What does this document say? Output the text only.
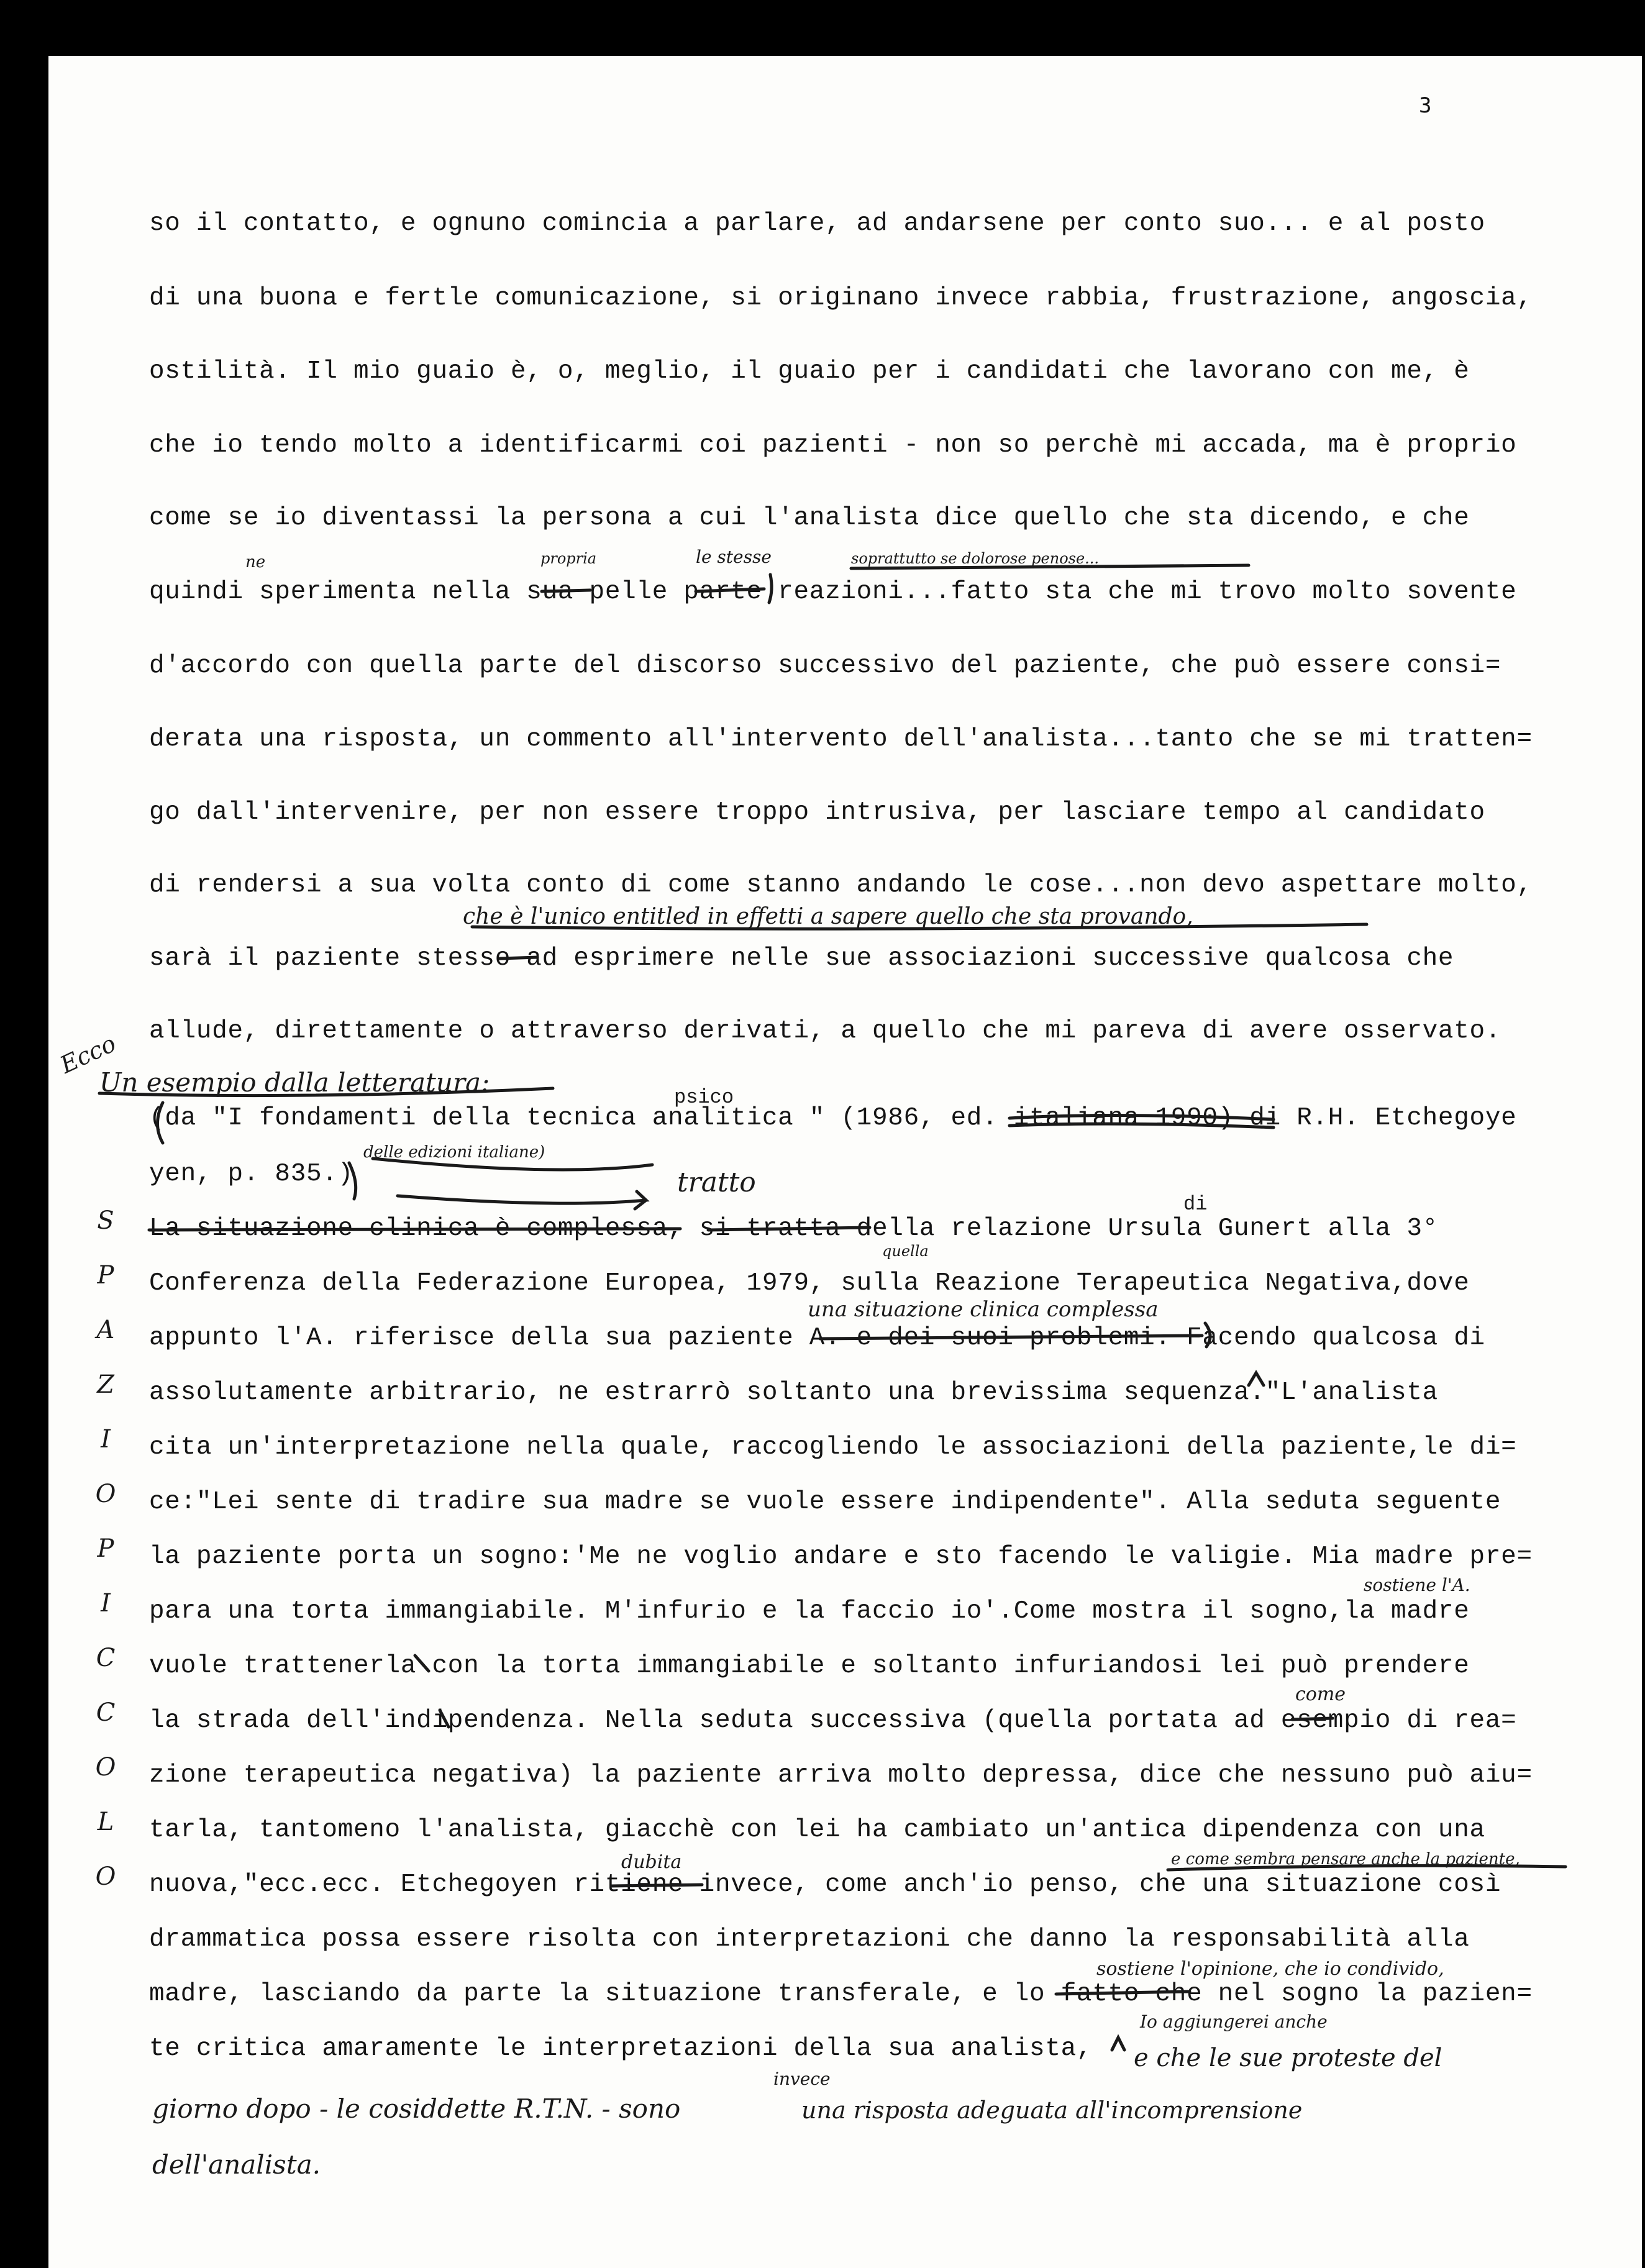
3
so il contatto, e ognuno comincia a parlare, ad andarsene per conto suo... e al posto
di una buona e fertle comunicazione, si originano invece rabbia, frustrazione, angoscia,
ostilità. Il mio guaio è, o, meglio, il guaio per i candidati che lavorano con me, è
che io tendo molto a identificarmi coi pazienti - non so perchè mi accada, ma è proprio
come se io diventassi la persona a cui l'analista dice quello che sta dicendo, e che
quindi sperimenta nella sua pelle parte reazioni...fatto sta che mi trovo molto sovente
d'accordo con quella parte del discorso successivo del paziente, che può essere consi=
derata una risposta, un commento all'intervento dell'analista...tanto che se mi tratten=
go dall'intervenire, per non essere troppo intrusiva, per lasciare tempo al candidato
di rendersi a sua volta conto di come stanno andando le cose...non devo aspettare molto,
sarà il paziente stesso ad esprimere nelle sue associazioni successive qualcosa che
allude, direttamente o attraverso derivati, a quello che mi pareva di avere osservato.
(da "I fondamenti della tecnica analitica " (1986, ed. italiana 1990) di R.H. Etchegoye
yen, p. 835.)
La situazione clinica è complessa, si tratta della relazione Ursula Gunert alla 3°
Conferenza della Federazione Europea, 1979, sulla Reazione Terapeutica Negativa,dove
appunto l'A. riferisce della sua paziente A. e dei suoi problemi. Facendo qualcosa di
assolutamente arbitrario, ne estrarrò soltanto una brevissima sequenza."L'analista
cita un'interpretazione nella quale, raccogliendo le associazioni della paziente,le di=
ce:"Lei sente di tradire sua madre se vuole essere indipendente". Alla seduta seguente
la paziente porta un sogno:'Me ne voglio andare e sto facendo le valigie. Mia madre pre=
para una torta immangiabile. M'infurio e la faccio io'.Come mostra il sogno,la madre
vuole trattenerla con la torta immangiabile e soltanto infuriandosi lei può prendere
la strada dell'indipendenza. Nella seduta successiva (quella portata ad esempio di rea=
zione terapeutica negativa) la paziente arriva molto depressa, dice che nessuno può aiu=
tarla, tantomeno l'analista, giacchè con lei ha cambiato un'antica dipendenza con una
nuova,"ecc.ecc. Etchegoyen ritiene invece, come anch'io penso, che una situazione così
drammatica possa essere risolta con interpretazioni che danno la responsabilità alla
madre, lasciando da parte la situazione transferale, e lo fatto che nel sogno la pazien=
te critica amaramente le interpretazioni della sua analista,
Ecco
Un esempio dalla letteratura:
S
P
A
Z
I
O
P
I
C
C
O
L
O
ne	propria	le stesse	soprattutto se dolorose penose...
che è l'unico entitled in effetti a sapere quello che sta provando,
psico
delle edizioni italiane)
tratto
di
quella
una situazione clinica complessa
sostiene l'A.
come
dubita	e come sembra pensare anche la paziente,
sostiene l'opinione, che io condivido,
Io aggiungerei anche
e che le sue proteste del
giorno dopo - le cosiddette R.T.N. - sono
invece
una risposta adeguata all'incomprensione
dell'analista.
